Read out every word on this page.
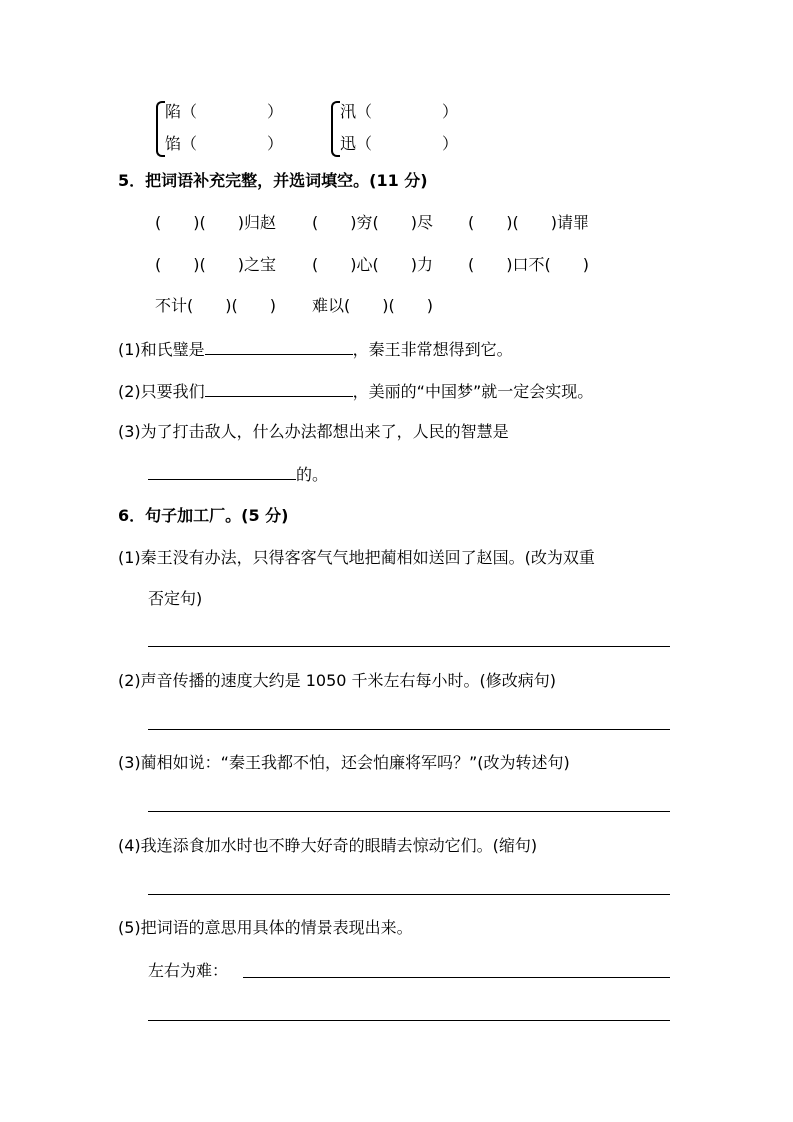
陷（	）	汛（	）
馅（	）	迅（	）
5．把词语补充完整，并选词填空。(11 分)
(　　)(　　)归赵 (　　)穷(　　)尽 (　　)(　　)请罪
(　　)(　　)之宝 (　　)心(　　)力 (　　)口不(　　)
不计(　　)(　　) 难以(　　)(　　)
(1)和氏璧是	，秦王非常想得到它。
(2)只要我们	，美丽的“中国梦”就一定会实现。
(3)为了打击敌人，什么办法都想出来了，人民的智慧是
的。
6．句子加工厂。(5 分)
(1)秦王没有办法，只得客客气气地把蔺相如送回了赵国。(改为双重
否定句)
(2)声音传播的速度大约是 1050 千米左右每小时。(修改病句)
(3)蔺相如说：“秦王我都不怕，还会怕廉将军吗？”(改为转述句)
(4)我连添食加水时也不睁大好奇的眼睛去惊动它们。(缩句)
(5)把词语的意思用具体的情景表现出来。
左右为难：
